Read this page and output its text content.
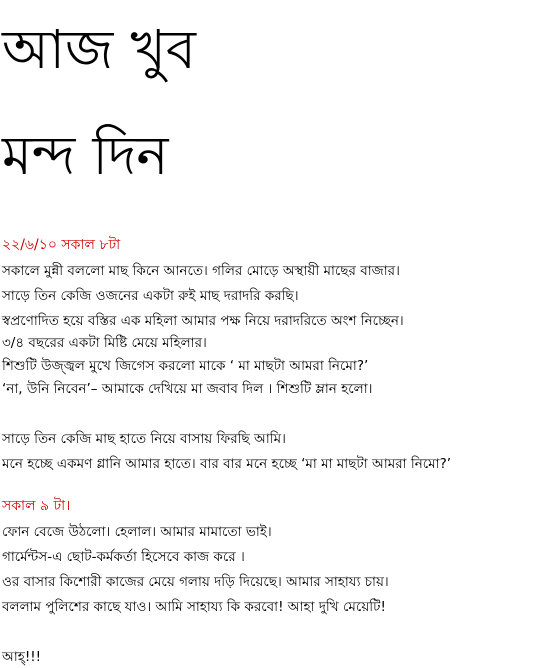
আজ খুব
মন্দ দিন
২২/৬/১০ সকাল ৮টা

সকালে মুন্নী বললো মাছ কিনে আনতে। গলির মোড়ে অস্থায়ী মাছের বাজার।

সাড়ে তিন কেজি ওজনের একটা রুই মাছ দরাদরি করছি।

স্বপ্রণোদিত হয়ে বস্তির এক মহিলা আমার পক্ষ নিয়ে দরাদরিতে অংশ নিচ্ছেন।

৩/৪ বছরের একটা মিষ্টি মেয়ে মহিলার।

শিশুটি উজ্জ্বল মুখে জিগেস করলো মাকে ‘ মা মাছটা আমরা নিমো?’

‘না, উনি নিবেন’– আমাকে দেখিয়ে মা জবাব দিল । শিশুটি ম্লান হলো।

সাড়ে তিন কেজি মাছ হাতে নিয়ে বাসায় ফিরছি আমি।

মনে হচ্ছে একমণ গ্লানি আমার হাতে। বার বার মনে হচ্ছে ‘মা মা মাছটা আমরা নিমো?’

সকাল ৯ টা।

ফোন বেজে উঠলো। হেলাল। আমার মামাতো ভাই।

গার্মেন্টস-এ ছোট-কর্মকর্তা হিসেবে কাজ করে ।

ওর বাসার কিশোরী কাজের মেয়ে গলায় দড়ি দিয়েছে। আমার সাহায্য চায়।

বললাম পুলিশের কাছে যাও। আমি সাহায্য কি করবো! আহা দুখি মেয়েটি!

আহ্!!!
